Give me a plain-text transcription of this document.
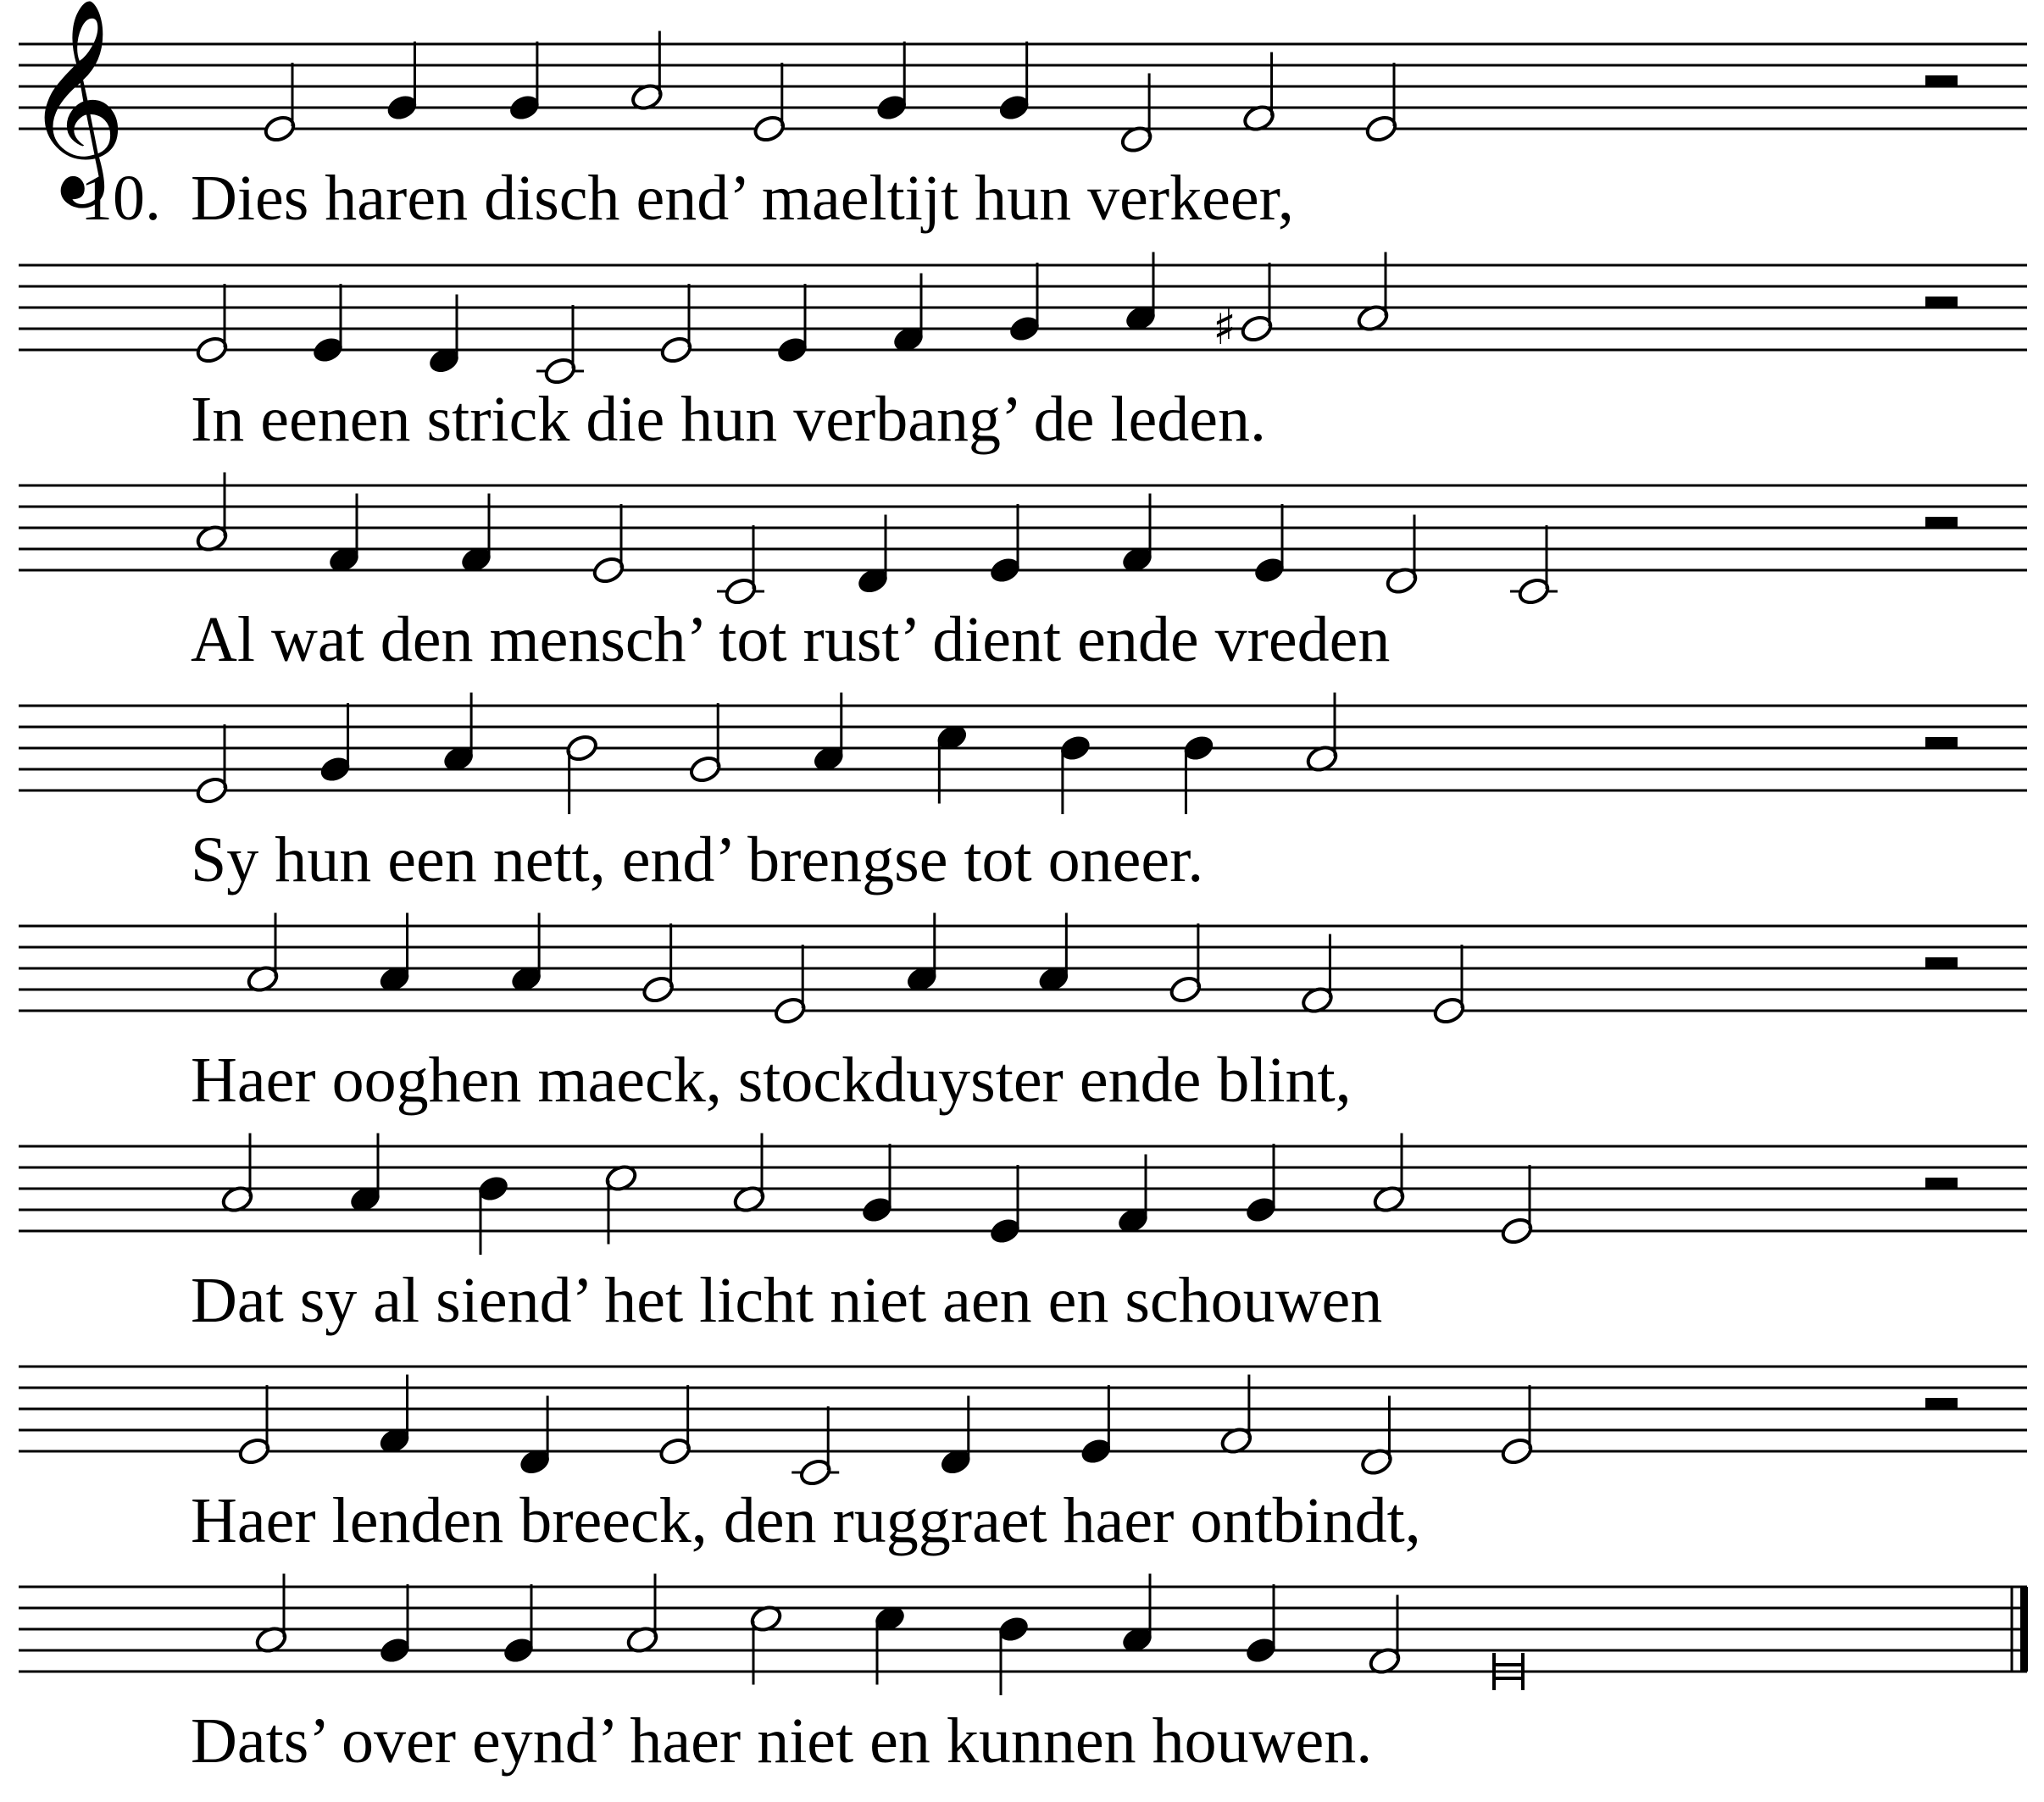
10.
𝄞
♯
Dies haren disch end’ maeltijt hun verkeer,
In eenen strick die hun verbang’ de leden.
Al wat den mensch’ tot rust’ dient ende vreden
Sy hun een nett, end’ brengse tot oneer.
Haer ooghen maeck, stockduyster ende blint,
Dat sy al siend’ het licht niet aen en schouwen
Haer lenden breeck, den ruggraet haer ontbindt,
Dats’ over eynd’ haer niet en kunnen houwen.
